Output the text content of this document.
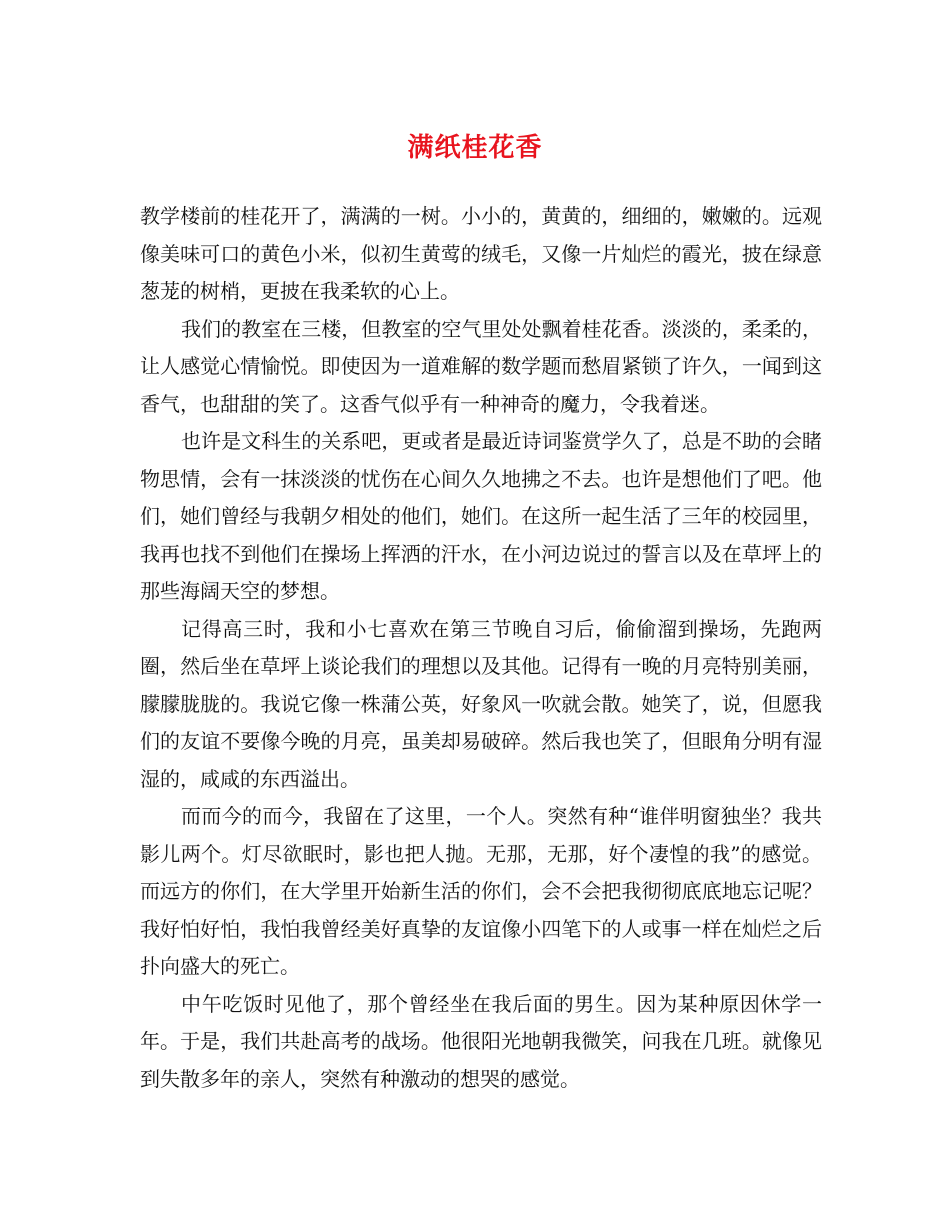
满纸桂花香

教学楼前的桂花开了，满满的一树。小小的，黄黄的，细细的，嫩嫩的。远观像美味可口的黄色小米，似初生黄莺的绒毛，又像一片灿烂的霞光，披在绿意葱茏的树梢，更披在我柔软的心上。

我们的教室在三楼，但教室的空气里处处飘着桂花香。淡淡的，柔柔的，让人感觉心情愉悦。即使因为一道难解的数学题而愁眉紧锁了许久，一闻到这香气，也甜甜的笑了。这香气似乎有一种神奇的魔力，令我着迷。

也许是文科生的关系吧，更或者是最近诗词鉴赏学久了，总是不助的会睹物思情，会有一抹淡淡的忧伤在心间久久地拂之不去。也许是想他们了吧。他们，她们曾经与我朝夕相处的他们，她们。在这所一起生活了三年的校园里，我再也找不到他们在操场上挥洒的汗水，在小河边说过的誓言以及在草坪上的那些海阔天空的梦想。

记得高三时，我和小七喜欢在第三节晚自习后，偷偷溜到操场，先跑两圈，然后坐在草坪上谈论我们的理想以及其他。记得有一晚的月亮特别美丽，朦朦胧胧的。我说它像一株蒲公英，好象风一吹就会散。她笑了，说，但愿我们的友谊不要像今晚的月亮，虽美却易破碎。然后我也笑了，但眼角分明有湿湿的，咸咸的东西溢出。

而而今的而今，我留在了这里，一个人。突然有种“谁伴明窗独坐？我共影儿两个。灯尽欲眠时，影也把人抛。无那，无那，好个凄惶的我”的感觉。而远方的你们，在大学里开始新生活的你们，会不会把我彻彻底底地忘记呢？我好怕好怕，我怕我曾经美好真挚的友谊像小四笔下的人或事一样在灿烂之后扑向盛大的死亡。

中午吃饭时见他了，那个曾经坐在我后面的男生。因为某种原因休学一年。于是，我们共赴高考的战场。他很阳光地朝我微笑，问我在几班。就像见到失散多年的亲人，突然有种激动的想哭的感觉。
